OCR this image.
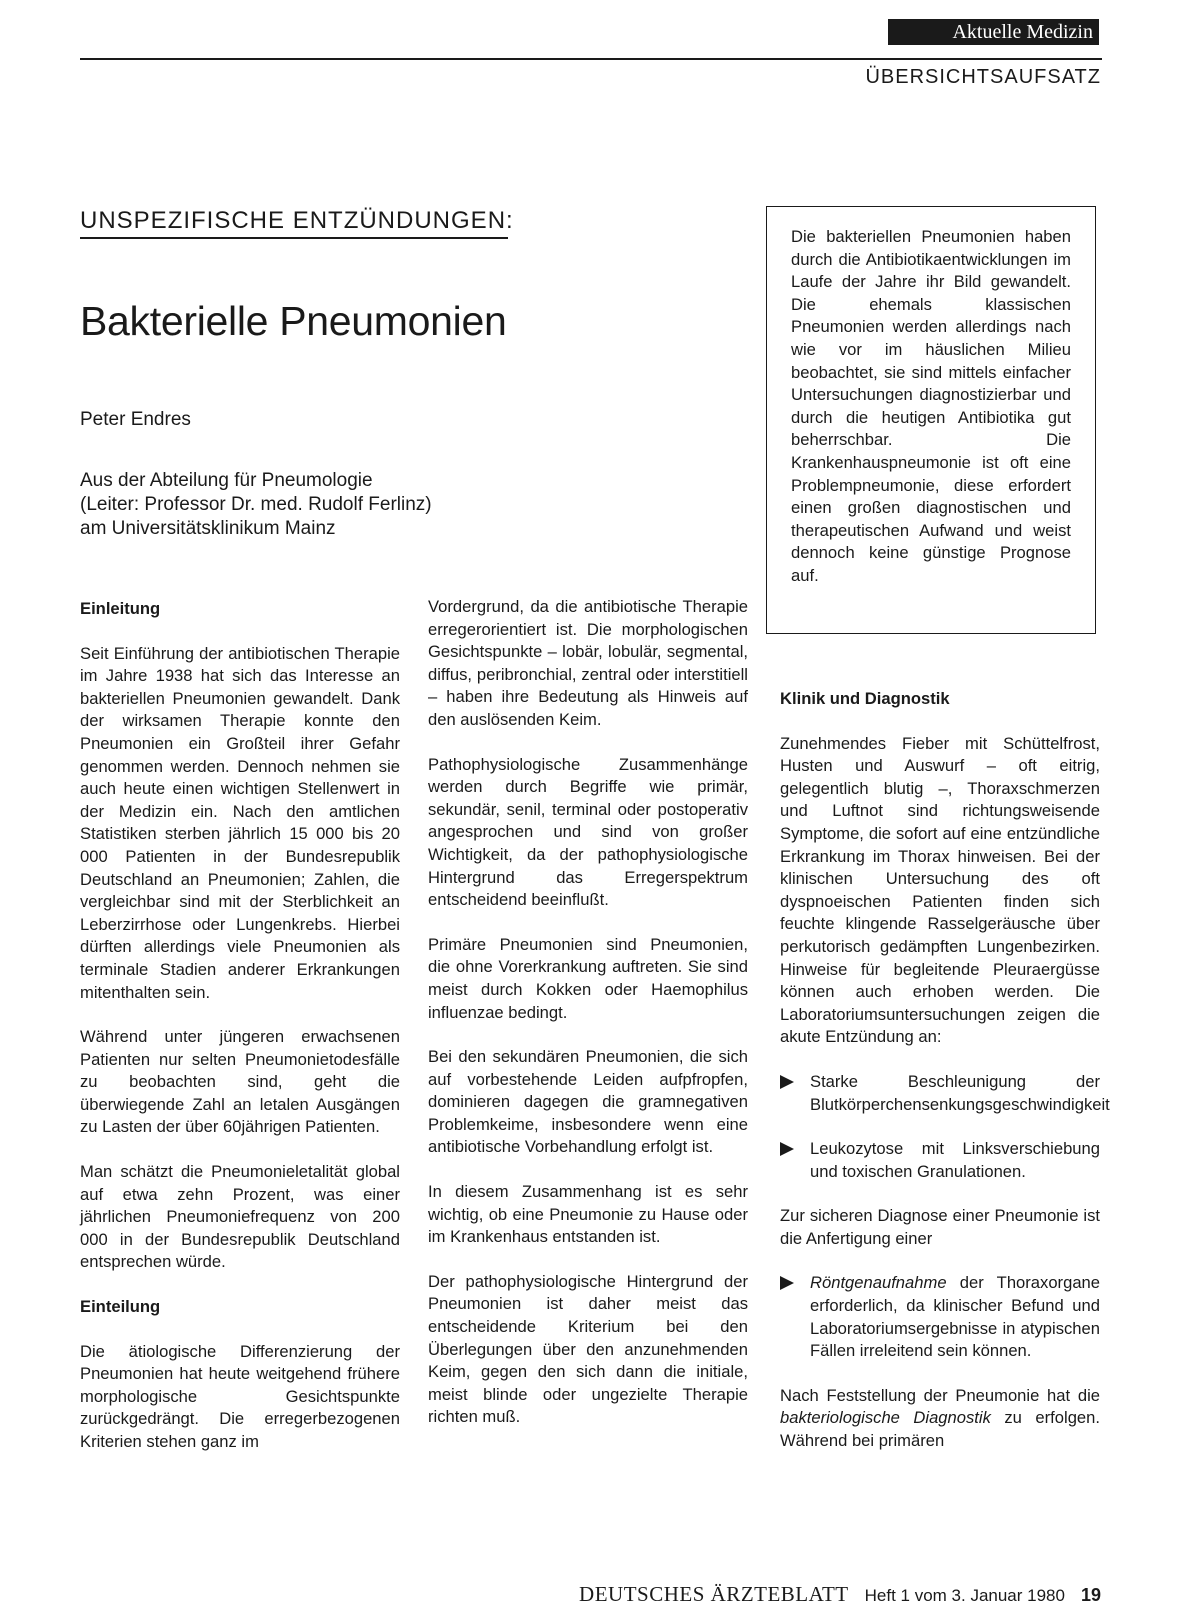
Aktuelle Medizin
ÜBERSICHTSAUFSATZ
UNSPEZIFISCHE ENTZÜNDUNGEN:
Bakterielle Pneumonien
Peter Endres
Aus der Abteilung für Pneumologie
(Leiter: Professor Dr. med. Rudolf Ferlinz)
am Universitätsklinikum Mainz

Die bakteriellen Pneumonien haben durch die Antibiotikaentwicklungen im Laufe der Jahre ihr Bild gewandelt. Die ehemals klassischen Pneumonien werden allerdings nach wie vor im häuslichen Milieu beobachtet, sie sind mittels einfacher Untersuchungen diagnostizierbar und durch die heutigen Antibiotika gut beherrschbar. Die Krankenhauspneumonie ist oft eine Problempneumonie, diese erfordert einen großen diagnostischen und therapeutischen Aufwand und weist dennoch keine günstige Prognose auf.

Einleitung

Seit Einführung der antibiotischen Therapie im Jahre 1938 hat sich das Interesse an bakteriellen Pneumonien gewandelt. Dank der wirksamen Therapie konnte den Pneumonien ein Großteil ihrer Gefahr genommen werden. Dennoch nehmen sie auch heute einen wichtigen Stellenwert in der Medizin ein. Nach den amtlichen Statistiken sterben jährlich 15 000 bis 20 000 Patienten in der Bundesrepublik Deutschland an Pneumonien; Zahlen, die vergleichbar sind mit der Sterblichkeit an Leberzirrhose oder Lungenkrebs. Hierbei dürften allerdings viele Pneumonien als terminale Stadien anderer Erkrankungen mitenthalten sein.

Während unter jüngeren erwachsenen Patienten nur selten Pneumonietodesfälle zu beobachten sind, geht die überwiegende Zahl an letalen Ausgängen zu Lasten der über 60jährigen Patienten.

Man schätzt die Pneumonieletalität global auf etwa zehn Prozent, was einer jährlichen Pneumoniefrequenz von 200 000 in der Bundesrepublik Deutschland entsprechen würde.

Einteilung

Die ätiologische Differenzierung der Pneumonien hat heute weitgehend frühere morphologische Gesichtspunkte zurückgedrängt. Die erregerbezogenen Kriterien stehen ganz im

Vordergrund, da die antibiotische Therapie erregerorientiert ist. Die morphologischen Gesichtspunkte – lobär, lobulär, segmental, diffus, peribronchial, zentral oder interstitiell – haben ihre Bedeutung als Hinweis auf den auslösenden Keim.

Pathophysiologische Zusammenhänge werden durch Begriffe wie primär, sekundär, senil, terminal oder postoperativ angesprochen und sind von großer Wichtigkeit, da der pathophysiologische Hintergrund das Erregerspektrum entscheidend beeinflußt.

Primäre Pneumonien sind Pneumonien, die ohne Vorerkrankung auftreten. Sie sind meist durch Kokken oder Haemophilus influenzae bedingt.

Bei den sekundären Pneumonien, die sich auf vorbestehende Leiden aufpfropfen, dominieren dagegen die gramnegativen Problemkeime, insbesondere wenn eine antibiotische Vorbehandlung erfolgt ist.

In diesem Zusammenhang ist es sehr wichtig, ob eine Pneumonie zu Hause oder im Krankenhaus entstanden ist.

Der pathophysiologische Hintergrund der Pneumonien ist daher meist das entscheidende Kriterium bei den Überlegungen über den anzunehmenden Keim, gegen den sich dann die initiale, meist blinde oder ungezielte Therapie richten muß.

Klinik und Diagnostik

Zunehmendes Fieber mit Schüttelfrost, Husten und Auswurf – oft eitrig, gelegentlich blutig –, Thoraxschmerzen und Luftnot sind richtungsweisende Symptome, die sofort auf eine entzündliche Erkrankung im Thorax hinweisen. Bei der klinischen Untersuchung des oft dyspnoeischen Patienten finden sich feuchte klingende Rasselgeräusche über perkutorisch gedämpften Lungenbezirken. Hinweise für begleitende Pleuraergüsse können auch erhoben werden. Die Laboratoriumsuntersuchungen zeigen die akute Entzündung an:

Starke Beschleunigung der Blutkörperchensenkungsgeschwindigkeit
Leukozytose mit Linksverschiebung und toxischen Granulationen.

Zur sicheren Diagnose einer Pneumonie ist die Anfertigung einer

Röntgenaufnahme der Thoraxorgane erforderlich, da klinischer Befund und Laboratoriumsergebnisse in atypischen Fällen irreleitend sein können.

Nach Feststellung der Pneumonie hat die bakteriologische Diagnostik zu erfolgen. Während bei primären

DEUTSCHES ÄRZTEBLATT Heft 1 vom 3. Januar 1980 19
